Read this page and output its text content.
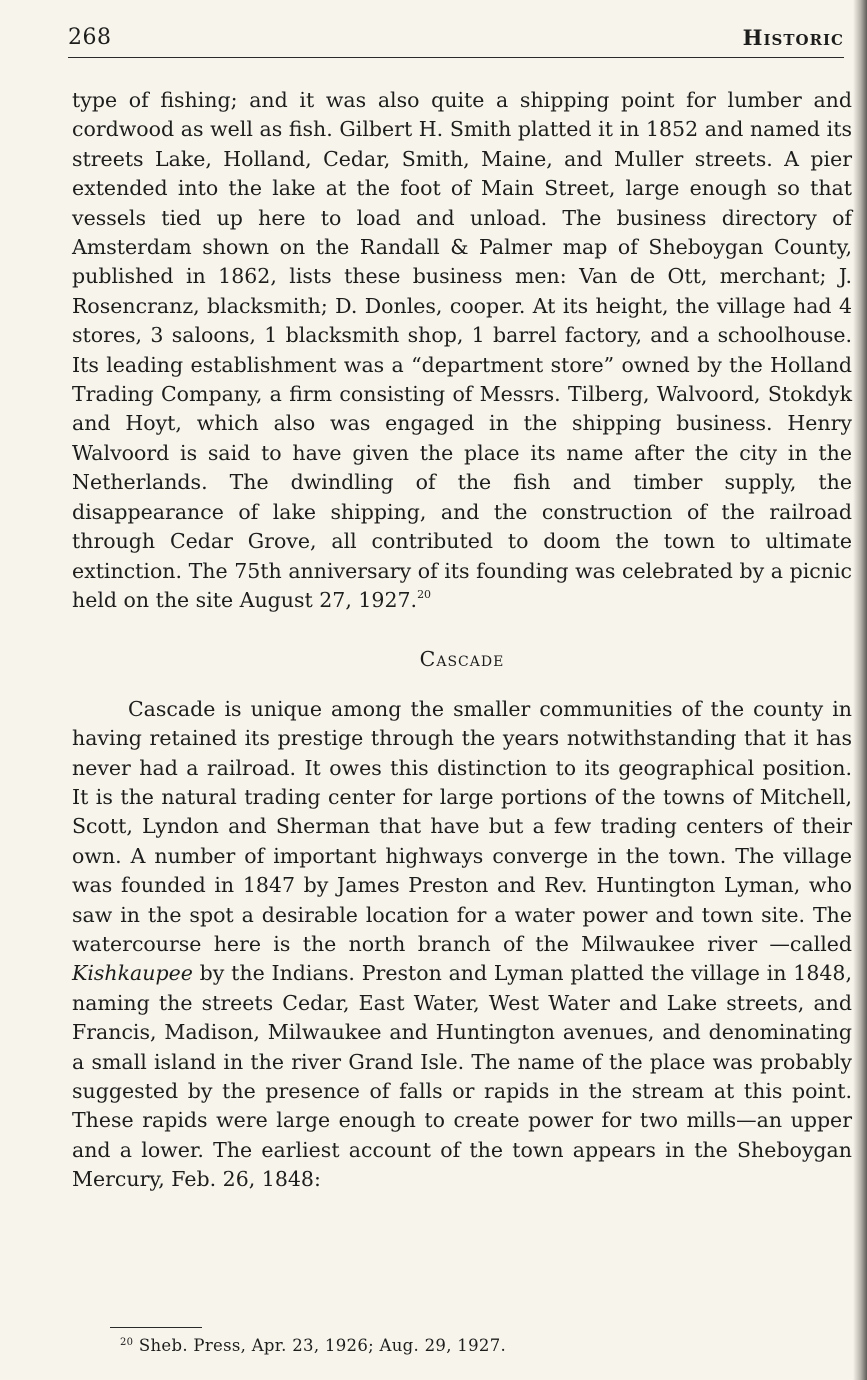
268	Historic

type of fishing; and it was also quite a shipping point for lumber and cordwood as well as fish. Gilbert H. Smith platted it in 1852 and named its streets Lake, Holland, Cedar, Smith, Maine, and Muller streets. A pier extended into the lake at the foot of Main Street, large enough so that vessels tied up here to load and unload. The business directory of Amsterdam shown on the Randall & Palmer map of Sheboygan County, published in 1862, lists these business men: Van de Ott, merchant; J. Rosencranz, blacksmith; D. Donles, cooper. At its height, the village had 4 stores, 3 saloons, 1 blacksmith shop, 1 barrel factory, and a schoolhouse. Its leading establishment was a “department store” owned by the Holland Trading Company, a firm consisting of Messrs. Tilberg, Walvoord, Stokdyk and Hoyt, which also was engaged in the shipping business. Henry Walvoord is said to have given the place its name after the city in the Netherlands. The dwindling of the fish and timber supply, the disappearance of lake shipping, and the construction of the railroad through Cedar Grove, all contributed to doom the town to ultimate extinction. The 75th anniversary of its founding was celebrated by a picnic held on the site August 27, 1927.20

Cascade

Cascade is unique among the smaller communities of the county in having retained its prestige through the years notwithstanding that it has never had a railroad. It owes this distinction to its geographical position. It is the natural trading center for large portions of the towns of Mitchell, Scott, Lyndon and Sherman that have but a few trading centers of their own. A number of important highways converge in the town. The village was founded in 1847 by James Preston and Rev. Huntington Lyman, who saw in the spot a desirable location for a water power and town site. The watercourse here is the north branch of the Milwaukee river —called Kishkaupee by the Indians. Preston and Lyman platted the village in 1848, naming the streets Cedar, East Water, West Water and Lake streets, and Francis, Madison, Milwaukee and Huntington avenues, and denominating a small island in the river Grand Isle. The name of the place was probably suggested by the presence of falls or rapids in the stream at this point. These rapids were large enough to create power for two mills—an upper and a lower. The earliest account of the town appears in the Sheboygan Mercury, Feb. 26, 1848:

$^{20}$ Sheb. Press, Apr. 23, 1926; Aug. 29, 1927.
